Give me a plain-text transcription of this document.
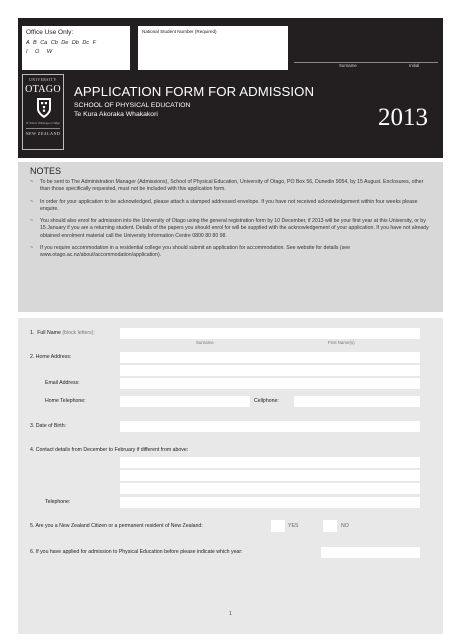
Office Use Only:
A B Ca Cb De Db Dc F
I O W
National Student Number (Required)
Surname	Initial
UNIVERSITY
OTAGO
Te Whare Wānanga o Otāgo
NEW ZEALAND
APPLICATION FORM FOR ADMISSION
SCHOOL OF PHYSICAL EDUCATION
Te Kura Akoraka Whakakori	2013
NOTES
~ To be sent to The Administration Manager (Admissions), School of Physical Education, University of Otago, PO Box 56, Dunedin 9054, by 15 August. Enclosures, other than those specifically requested, must not be included with this application form.
~ In order for your application to be acknowledged, please attach a stamped addressed envelope. If you have not received acknowledgement within four weeks please enquire.
~ You should also enrol for admission into the University of Otago using the general registration form by 10 December, if 2013 will be your first year at this University, or by 15 January if you are a returning student. Details of the papers you should enrol for will be supplied with the acknowledgement of your application. If you have not already obtained enrolment material call the University Information Centre 0800 80 80 98.
~ If you require accommodation in a residential college you should submit an application for accommodation. See website for details (see www.otago.ac.nz/about/accommodation/application).
1. Full Name (block letters):
Surname	First Name(s)
2. Home Address:
Email Address:
Home Telephone:	Cellphone:
3. Date of Birth:
4. Contact details from December to February if different from above:
Telephone:
5. Are you a New Zealand Citizen or a permanent resident of New Zealand:	YES	NO
6. If you have applied for admission to Physical Education before please indicate which year:
1
